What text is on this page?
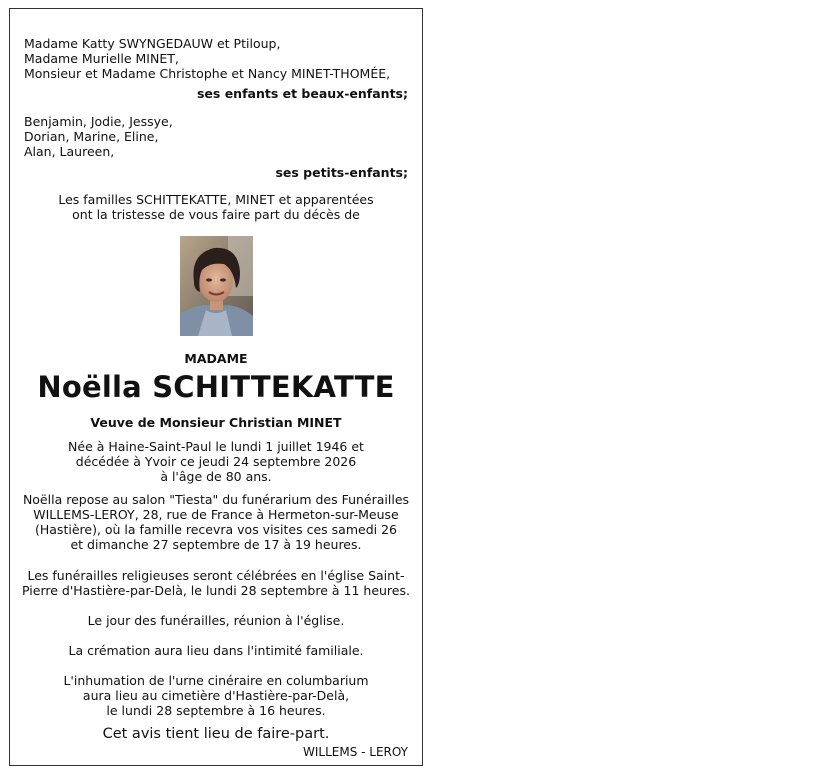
Madame Katty SWYNGEDAUW et Ptiloup,
Madame Murielle MINET,
Monsieur et Madame Christophe et Nancy MINET-THOMÉE,
ses enfants et beaux-enfants;
Benjamin, Jodie, Jessye,
Dorian, Marine, Eline,
Alan, Laureen,
ses petits-enfants;
Les familles SCHITTEKATTE, MINET et apparentées
ont la tristesse de vous faire part du décès de
MADAME
Noëlla SCHITTEKATTE
Veuve de Monsieur Christian MINET
Née à Haine-Saint-Paul le lundi 1 juillet 1946 et
décédée à Yvoir ce jeudi 24 septembre 2026
à l'âge de 80 ans.
Noëlla repose au salon "Tiesta" du funérarium des Funérailles
WILLEMS-LEROY, 28, rue de France à Hermeton-sur-Meuse
(Hastière), où la famille recevra vos visites ces samedi 26
et dimanche 27 septembre de 17 à 19 heures.
Les funérailles religieuses seront célébrées en l'église Saint-
Pierre d'Hastière-par-Delà, le lundi 28 septembre à 11 heures.
Le jour des funérailles, réunion à l'église.
La crémation aura lieu dans l'intimité familiale.
L'inhumation de l'urne cinéraire en columbarium
aura lieu au cimetière d'Hastière-par-Delà,
le lundi 28 septembre à 16 heures.
Cet avis tient lieu de faire-part.
WILLEMS - LEROY
